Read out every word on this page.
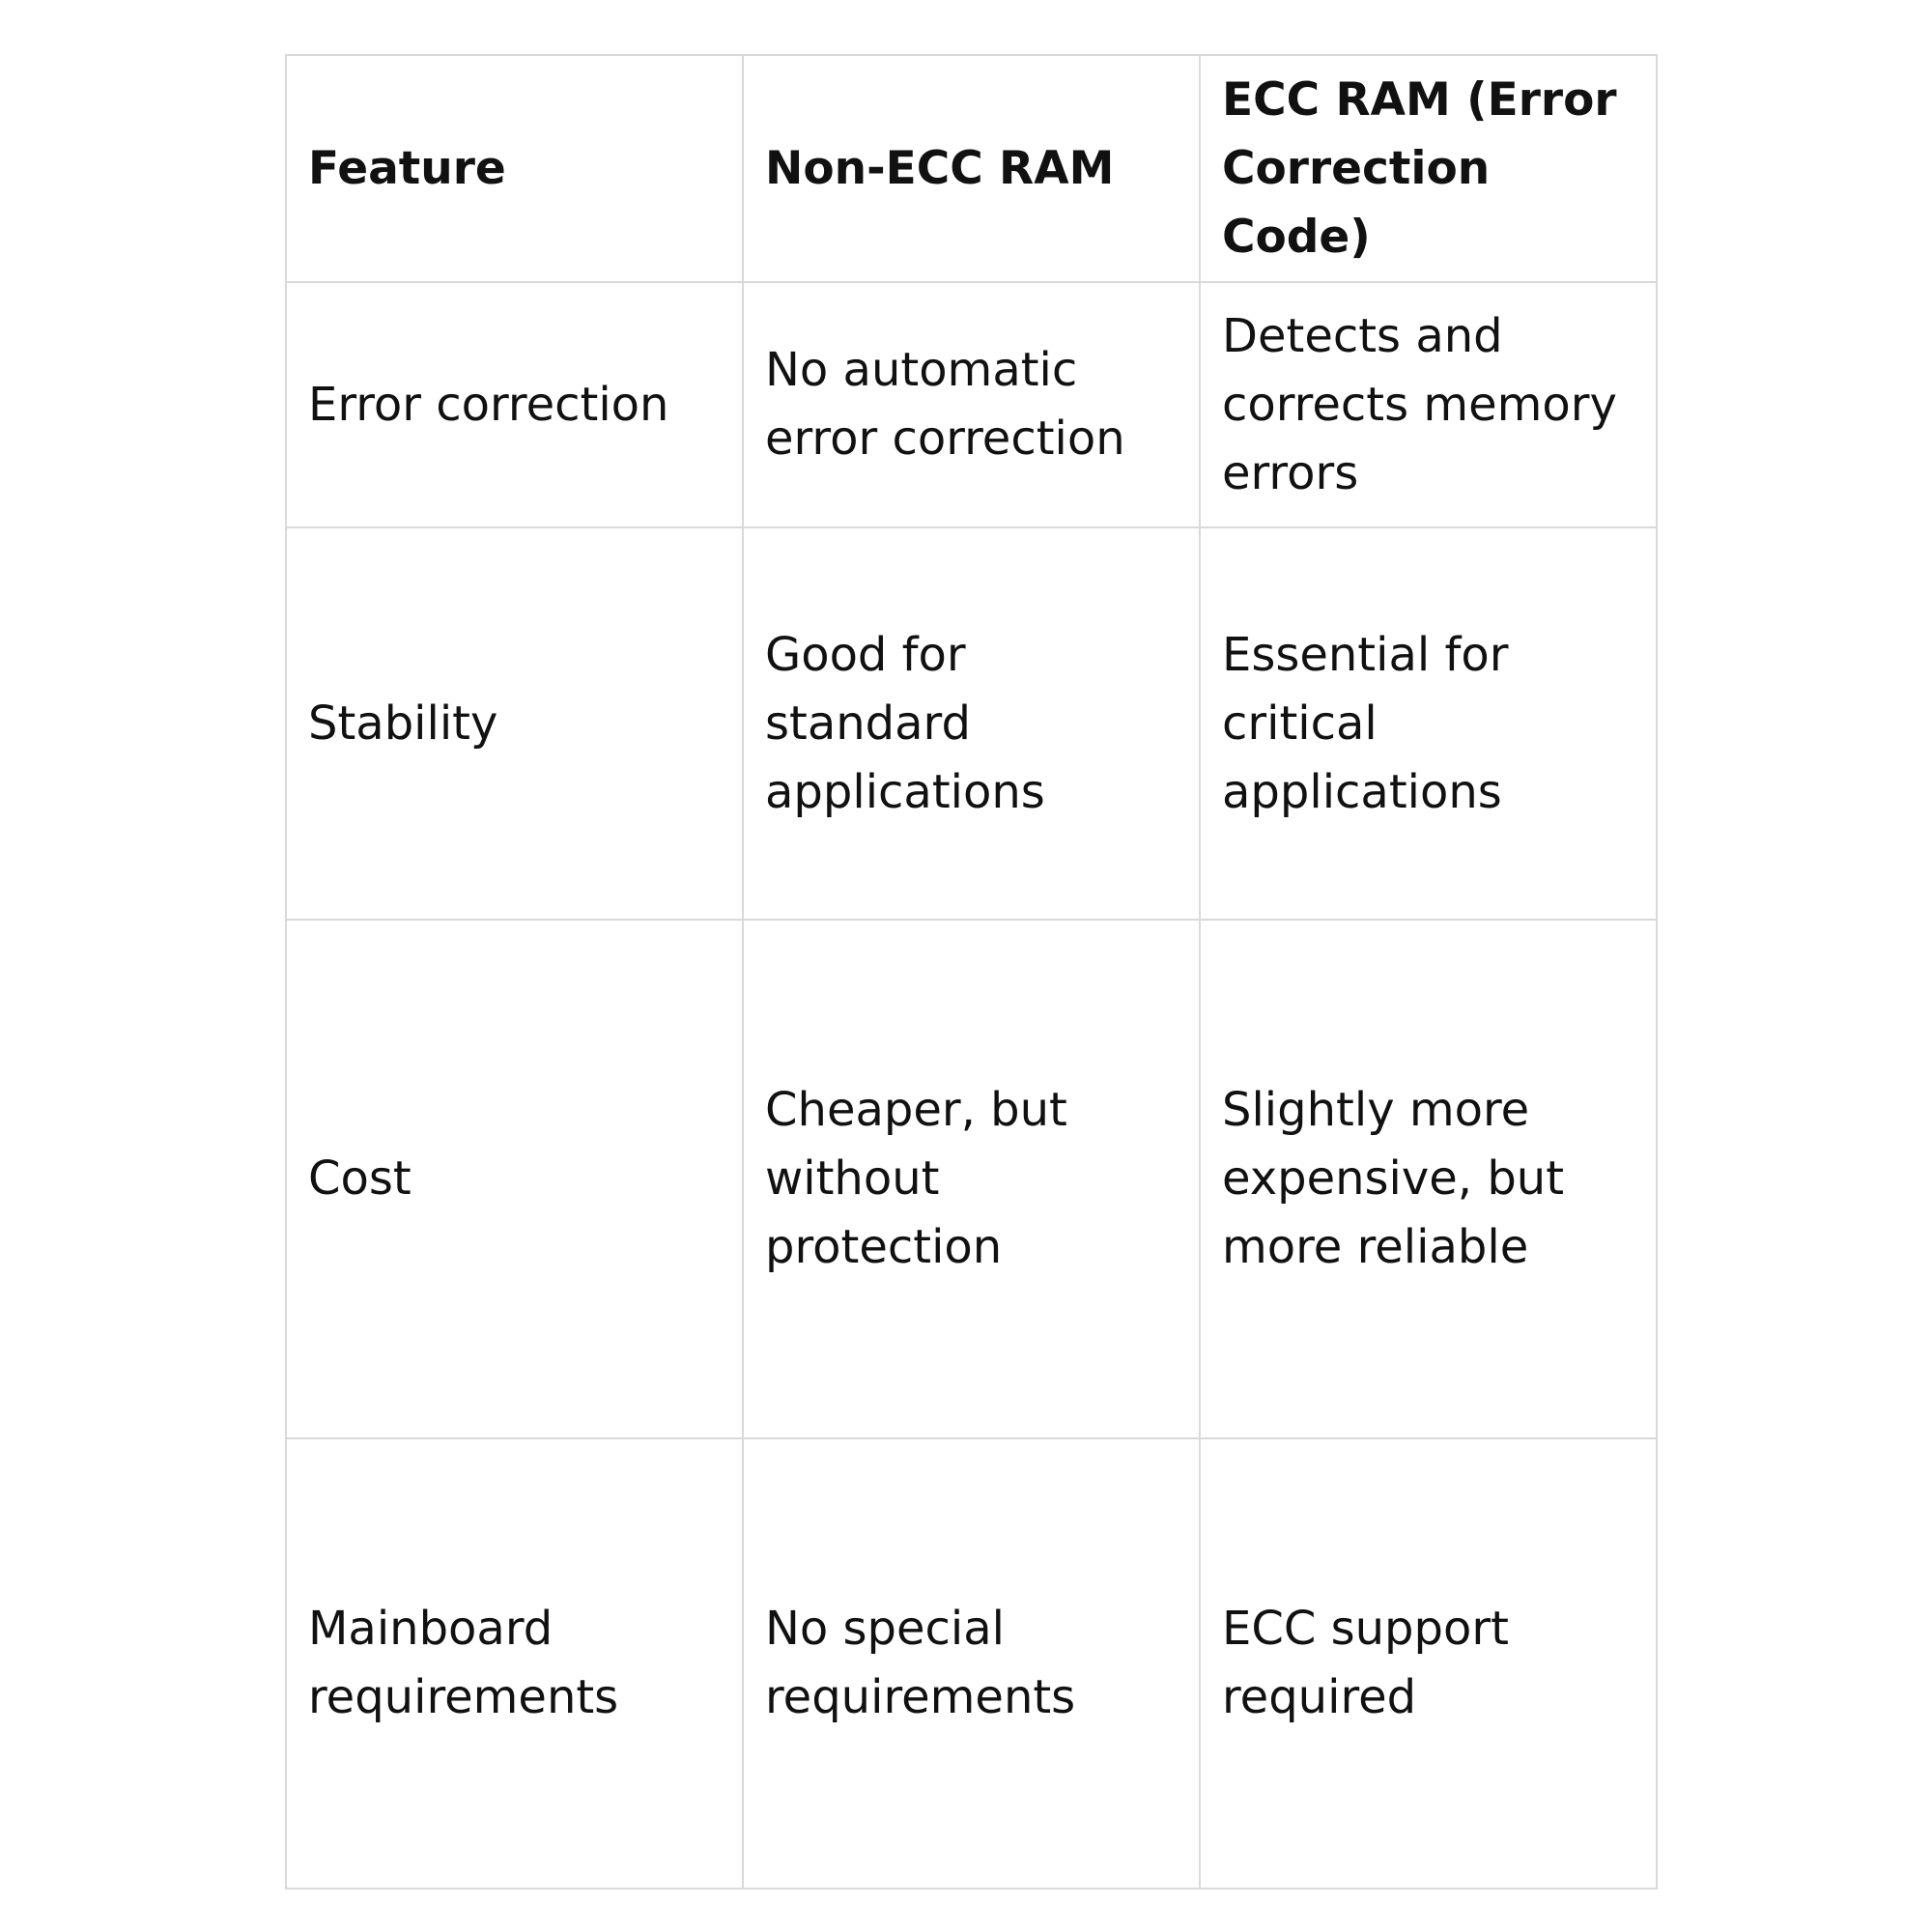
Feature	Non-ECC RAM	ECC RAM (Error Correction Code)
Error correction	No automatic error correction	Detects and corrects memory errors
Stability	Good for standard applications	Essential for critical applications
Cost	Cheaper, but without protection	Slightly more expensive, but more reliable
Mainboard requirements	No special requirements	ECC support required
